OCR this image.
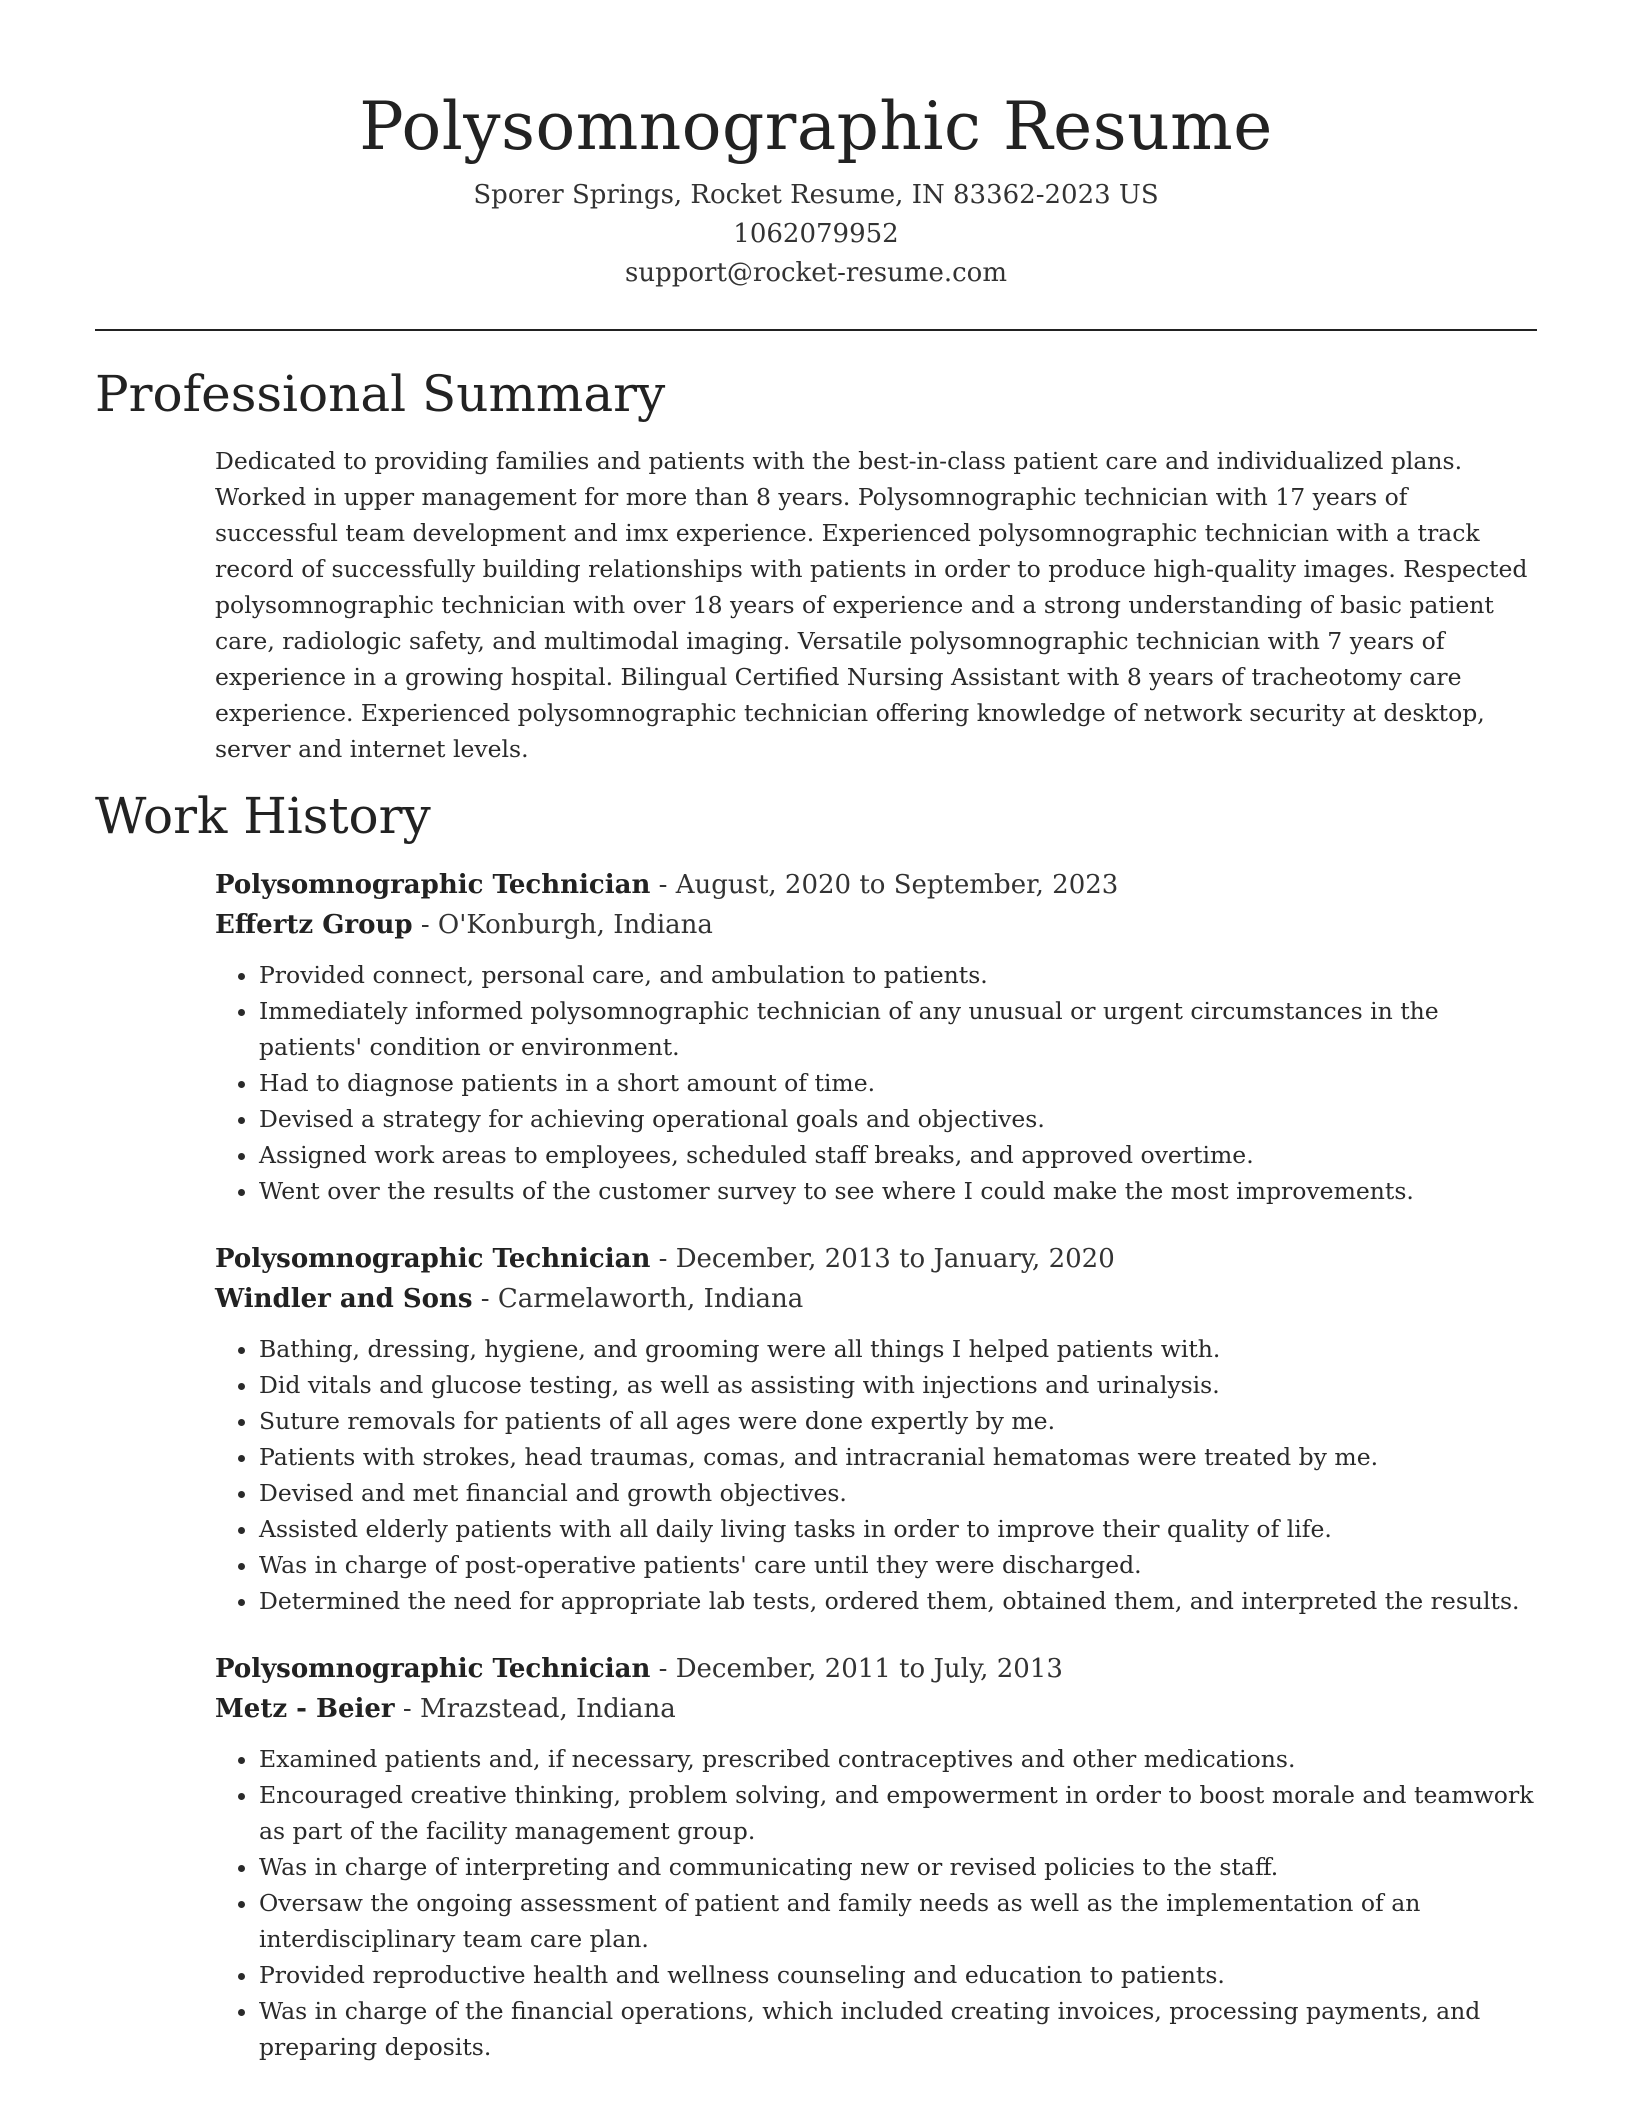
Polysomnographic Resume
Sporer Springs, Rocket Resume, IN 83362-2023 US
1062079952
support@rocket-resume.com
Professional Summary

Dedicated to providing families and patients with the best-in-class patient care and individualized plans. Worked in upper management for more than 8 years. Polysomnographic technician with 17 years of successful team development and imx experience. Experienced polysomnographic technician with a track record of successfully building relationships with patients in order to produce high-quality images. Respected polysomnographic technician with over 18 years of experience and a strong understanding of basic patient care, radiologic safety, and multimodal imaging. Versatile polysomnographic technician with 7 years of experience in a growing hospital. Bilingual Certified Nursing Assistant with 8 years of tracheotomy care experience. Experienced polysomnographic technician offering knowledge of network security at desktop, server and internet levels.

Work History
Polysomnographic Technician - August, 2020 to September, 2023
Effertz Group - O'Konburgh, Indiana
• Provided connect, personal care, and ambulation to patients.
• Immediately informed polysomnographic technician of any unusual or urgent circumstances in the patients' condition or environment.
• Had to diagnose patients in a short amount of time.
• Devised a strategy for achieving operational goals and objectives.
• Assigned work areas to employees, scheduled staff breaks, and approved overtime.
• Went over the results of the customer survey to see where I could make the most improvements.
Polysomnographic Technician - December, 2013 to January, 2020
Windler and Sons - Carmelaworth, Indiana
• Bathing, dressing, hygiene, and grooming were all things I helped patients with.
• Did vitals and glucose testing, as well as assisting with injections and urinalysis.
• Suture removals for patients of all ages were done expertly by me.
• Patients with strokes, head traumas, comas, and intracranial hematomas were treated by me.
• Devised and met financial and growth objectives.
• Assisted elderly patients with all daily living tasks in order to improve their quality of life.
• Was in charge of post-operative patients' care until they were discharged.
• Determined the need for appropriate lab tests, ordered them, obtained them, and interpreted the results.
Polysomnographic Technician - December, 2011 to July, 2013
Metz - Beier - Mrazstead, Indiana
• Examined patients and, if necessary, prescribed contraceptives and other medications.
• Encouraged creative thinking, problem solving, and empowerment in order to boost morale and teamwork as part of the facility management group.
• Was in charge of interpreting and communicating new or revised policies to the staff.
• Oversaw the ongoing assessment of patient and family needs as well as the implementation of an interdisciplinary team care plan.
• Provided reproductive health and wellness counseling and education to patients.
• Was in charge of the financial operations, which included creating invoices, processing payments, and preparing deposits.
